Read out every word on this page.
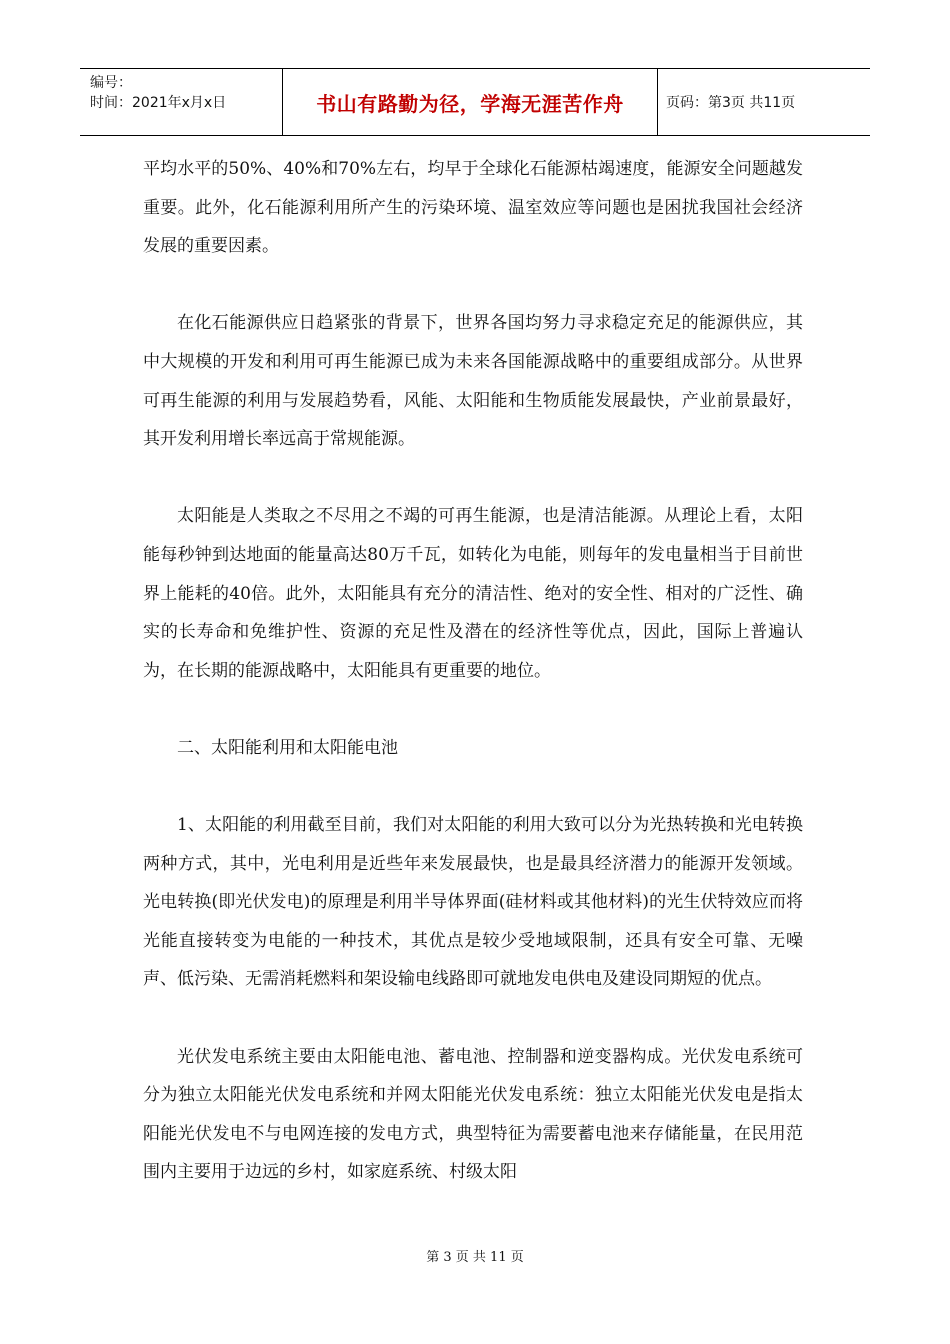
编号：
时间：2021年x月x日	书山有路勤为径，学海无涯苦作舟	页码：第3页 共11页

平均水平的50%、40%和70%左右，均早于全球化石能源枯竭速度，能源安全问题越发重要。此外，化石能源利用所产生的污染环境、温室效应等问题也是困扰我国社会经济发展的重要因素。

在化石能源供应日趋紧张的背景下，世界各国均努力寻求稳定充足的能源供应，其中大规模的开发和利用可再生能源已成为未来各国能源战略中的重要组成部分。从世界可再生能源的利用与发展趋势看，风能、太阳能和生物质能发展最快，产业前景最好，其开发利用增长率远高于常规能源。

太阳能是人类取之不尽用之不竭的可再生能源，也是清洁能源。从理论上看，太阳能每秒钟到达地面的能量高达80万千瓦，如转化为电能，则每年的发电量相当于目前世界上能耗的40倍。此外，太阳能具有充分的清洁性、绝对的安全性、相对的广泛性、确实的长寿命和免维护性、资源的充足性及潜在的经济性等优点，因此，国际上普遍认为，在长期的能源战略中，太阳能具有更重要的地位。

二、太阳能利用和太阳能电池

1、太阳能的利用截至目前，我们对太阳能的利用大致可以分为光热转换和光电转换两种方式，其中，光电利用是近些年来发展最快，也是最具经济潜力的能源开发领域。光电转换(即光伏发电)的原理是利用半导体界面(硅材料或其他材料)的光生伏特效应而将光能直接转变为电能的一种技术，其优点是较少受地域限制，还具有安全可靠、无噪声、低污染、无需消耗燃料和架设输电线路即可就地发电供电及建设同期短的优点。

光伏发电系统主要由太阳能电池、蓄电池、控制器和逆变器构成。光伏发电系统可分为独立太阳能光伏发电系统和并网太阳能光伏发电系统：独立太阳能光伏发电是指太阳能光伏发电不与电网连接的发电方式，典型特征为需要蓄电池来存储能量，在民用范围内主要用于边远的乡村，如家庭系统、村级太阳

第 3 页 共 11 页
